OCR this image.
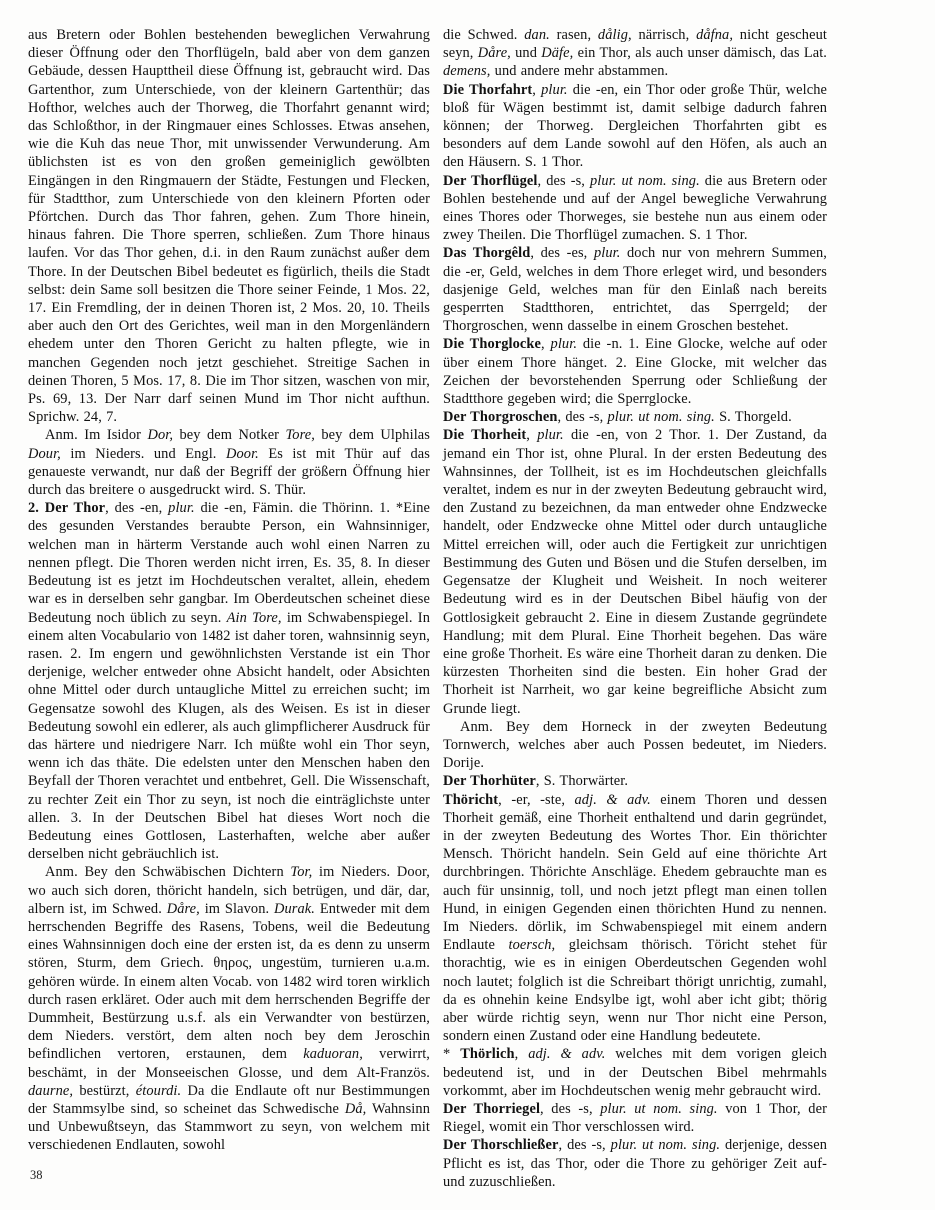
aus Bretern oder Bohlen bestehenden beweglichen Verwahrung dieser Öffnung oder den Thorflügeln, bald aber von dem ganzen Gebäude, dessen Haupttheil diese Öffnung ist, gebraucht wird. Das Gartenthor, zum Unterschiede, von der kleinern Gartenthür; das Hofthor, welches auch der Thorweg, die Thorfahrt genannt wird; das Schloßthor, in der Ringmauer eines Schlosses. Etwas ansehen, wie die Kuh das neue Thor, mit unwissender Verwunderung. Am üblichsten ist es von den großen gemeiniglich gewölbten Eingängen in den Ringmauern der Städte, Festungen und Flecken, für Stadtthor, zum Unterschiede von den kleinern Pforten oder Pförtchen. Durch das Thor fahren, gehen. Zum Thore hinein, hinaus fahren. Die Thore sperren, schließen. Zum Thore hinaus laufen. Vor das Thor gehen, d.i. in den Raum zunächst außer dem Thore. In der Deutschen Bibel bedeutet es figürlich, theils die Stadt selbst: dein Same soll besitzen die Thore seiner Feinde, 1 Mos. 22, 17. Ein Fremdling, der in deinen Thoren ist, 2 Mos. 20, 10. Theils aber auch den Ort des Gerichtes, weil man in den Morgenländern ehedem unter den Thoren Gericht zu halten pflegte, wie in manchen Gegenden noch jetzt geschiehet. Streitige Sachen in deinen Thoren, 5 Mos. 17, 8. Die im Thor sitzen, waschen von mir, Ps. 69, 13. Der Narr darf seinen Mund im Thor nicht aufthun. Sprichw. 24, 7.

Anm. Im Isidor Dor, bey dem Notker Tore, bey dem Ulphilas Dour, im Nieders. und Engl. Door. Es ist mit Thür auf das genaueste verwandt, nur daß der Begriff der größern Öffnung hier durch das breitere o ausgedruckt wird. S. Thür.

2. Der Thor, des -en, plur. die -en, Fämin. die Thörinn. 1. *Eine des gesunden Verstandes beraubte Person, ein Wahnsinniger, welchen man in härterm Verstande auch wohl einen Narren zu nennen pflegt. Die Thoren werden nicht irren, Es. 35, 8. In dieser Bedeutung ist es jetzt im Hochdeutschen veraltet, allein, ehedem war es in derselben sehr gangbar. Im Oberdeutschen scheinet diese Bedeutung noch üblich zu seyn. Ain Tore, im Schwabenspiegel. In einem alten Vocabulario von 1482 ist daher toren, wahnsinnig seyn, rasen. 2. Im engern und gewöhnlichsten Verstande ist ein Thor derjenige, welcher entweder ohne Absicht handelt, oder Absichten ohne Mittel oder durch untaugliche Mittel zu erreichen sucht; im Gegensatze sowohl des Klugen, als des Weisen. Es ist in dieser Bedeutung sowohl ein edlerer, als auch glimpflicherer Ausdruck für das härtere und niedrigere Narr. Ich müßte wohl ein Thor seyn, wenn ich das thäte. Die edelsten unter den Menschen haben den Beyfall der Thoren verachtet und entbehret, Gell. Die Wissenschaft, zu rechter Zeit ein Thor zu seyn, ist noch die einträglichste unter allen. 3. In der Deutschen Bibel hat dieses Wort noch die Bedeutung eines Gottlosen, Lasterhaften, welche aber außer derselben nicht gebräuchlich ist.

Anm. Bey den Schwäbischen Dichtern Tor, im Nieders. Door, wo auch sich doren, thöricht handeln, sich betrügen, und där, dar, albern ist, im Schwed. Dåre, im Slavon. Durak. Entweder mit dem herrschenden Begriffe des Rasens, Tobens, weil die Bedeutung eines Wahnsinnigen doch eine der ersten ist, da es denn zu unserm stören, Sturm, dem Griech. θηρος, ungestüm, turnieren u.a.m. gehören würde. In einem alten Vocab. von 1482 wird toren wirklich durch rasen erkläret. Oder auch mit dem herrschenden Begriffe der Dummheit, Bestürzung u.s.f. als ein Verwandter von bestürzen, dem Nieders. verstört, dem alten noch bey dem Jeroschin befindlichen vertoren, erstaunen, dem kaduoran, verwirrt, beschämt, in der Monseeischen Glosse, und dem Alt-Französ. daurne, bestürzt, étourdi. Da die Endlaute oft nur Bestimmungen der Stammsylbe sind, so scheinet das Schwedische Då, Wahnsinn und Unbewußtseyn, das Stammwort zu seyn, von welchem mit verschiedenen Endlauten, sowohl

die Schwed. dan. rasen, dålig, närrisch, dåfna, nicht gescheut seyn, Dåre, und Däfe, ein Thor, als auch unser dämisch, das Lat. demens, und andere mehr abstammen.

Die Thorfahrt, plur. die -en, ein Thor oder große Thür, welche bloß für Wägen bestimmt ist, damit selbige dadurch fahren können; der Thorweg. Dergleichen Thorfahrten gibt es besonders auf dem Lande sowohl auf den Höfen, als auch an den Häusern. S. 1 Thor.

Der Thorflügel, des -s, plur. ut nom. sing. die aus Bretern oder Bohlen bestehende und auf der Angel bewegliche Verwahrung eines Thores oder Thorweges, sie bestehe nun aus einem oder zwey Theilen. Die Thorflügel zumachen. S. 1 Thor.

Das Thorgêld, des -es, plur. doch nur von mehrern Summen, die -er, Geld, welches in dem Thore erleget wird, und besonders dasjenige Geld, welches man für den Einlaß nach bereits gesperrten Stadtthoren, entrichtet, das Sperrgeld; der Thorgroschen, wenn dasselbe in einem Groschen bestehet.

Die Thorglocke, plur. die -n. 1. Eine Glocke, welche auf oder über einem Thore hänget. 2. Eine Glocke, mit welcher das Zeichen der bevorstehenden Sperrung oder Schließung der Stadtthore gegeben wird; die Sperrglocke.

Der Thorgroschen, des -s, plur. ut nom. sing. S. Thorgeld.

Die Thorheit, plur. die -en, von 2 Thor. 1. Der Zustand, da jemand ein Thor ist, ohne Plural. In der ersten Bedeutung des Wahnsinnes, der Tollheit, ist es im Hochdeutschen gleichfalls veraltet, indem es nur in der zweyten Bedeutung gebraucht wird, den Zustand zu bezeichnen, da man entweder ohne Endzwecke handelt, oder Endzwecke ohne Mittel oder durch untaugliche Mittel erreichen will, oder auch die Fertigkeit zur unrichtigen Bestimmung des Guten und Bösen und die Stufen derselben, im Gegensatze der Klugheit und Weisheit. In noch weiterer Bedeutung wird es in der Deutschen Bibel häufig von der Gottlosigkeit gebraucht 2. Eine in diesem Zustande gegründete Handlung; mit dem Plural. Eine Thorheit begehen. Das wäre eine große Thorheit. Es wäre eine Thorheit daran zu denken. Die kürzesten Thorheiten sind die besten. Ein hoher Grad der Thorheit ist Narrheit, wo gar keine begreifliche Absicht zum Grunde liegt.

Anm. Bey dem Horneck in der zweyten Bedeutung Tornwerch, welches aber auch Possen bedeutet, im Nieders. Dorije.

Der Thorhüter, S. Thorwärter.

Thöricht, -er, -ste, adj. & adv. einem Thoren und dessen Thorheit gemäß, eine Thorheit enthaltend und darin gegründet, in der zweyten Bedeutung des Wortes Thor. Ein thörichter Mensch. Thöricht handeln. Sein Geld auf eine thörichte Art durchbringen. Thörichte Anschläge. Ehedem gebrauchte man es auch für unsinnig, toll, und noch jetzt pflegt man einen tollen Hund, in einigen Gegenden einen thörichten Hund zu nennen. Im Nieders. dörlik, im Schwabenspiegel mit einem andern Endlaute toersch, gleichsam thörisch. Töricht stehet für thorachtig, wie es in einigen Oberdeutschen Gegenden wohl noch lautet; folglich ist die Schreibart thörigt unrichtig, zumahl, da es ohnehin keine Endsylbe igt, wohl aber icht gibt; thörig aber würde richtig seyn, wenn nur Thor nicht eine Person, sondern einen Zustand oder eine Handlung bedeutete.

* Thörlich, adj. & adv. welches mit dem vorigen gleich bedeutend ist, und in der Deutschen Bibel mehrmahls vorkommt, aber im Hochdeutschen wenig mehr gebraucht wird.

Der Thorriegel, des -s, plur. ut nom. sing. von 1 Thor, der Riegel, womit ein Thor verschlossen wird.

Der Thorschließer, des -s, plur. ut nom. sing. derjenige, dessen Pflicht es ist, das Thor, oder die Thore zu gehöriger Zeit auf- und zuzuschließen.

38
